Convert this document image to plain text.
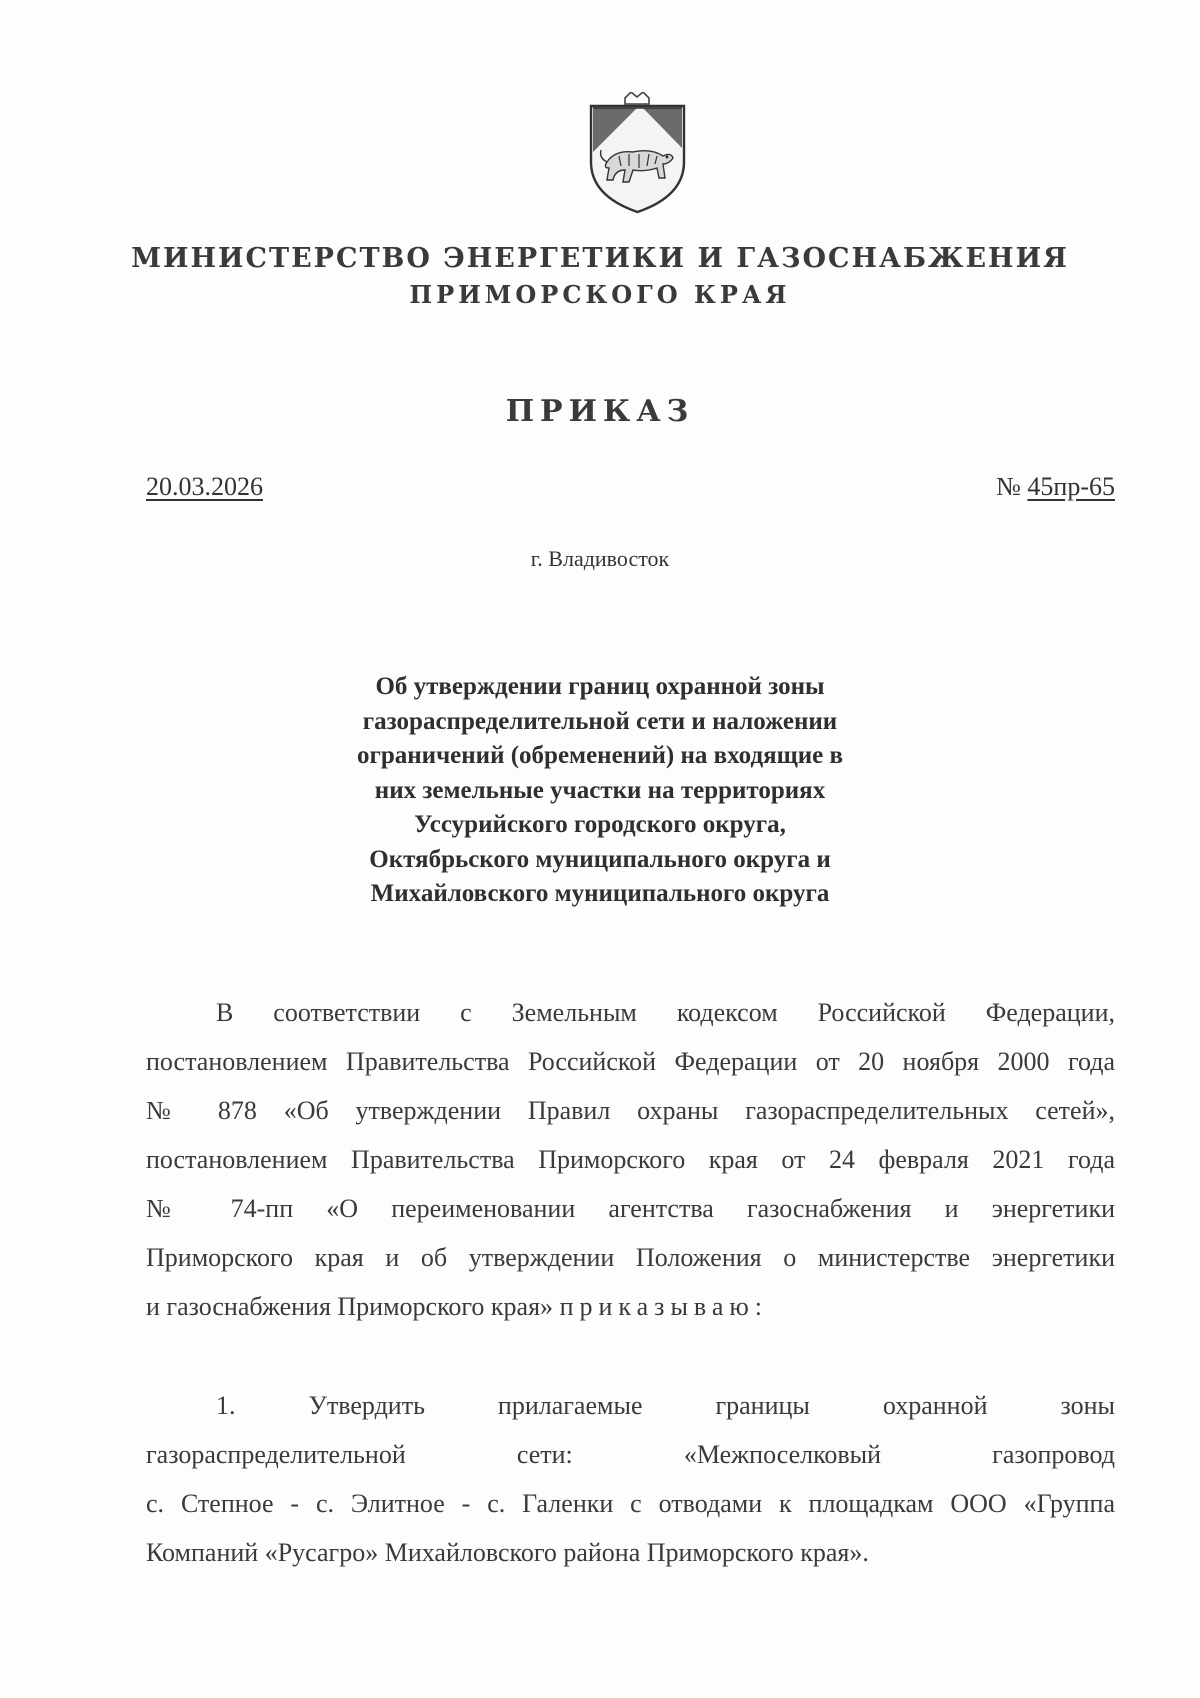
МИНИСТЕРСТВО ЭНЕРГЕТИКИ И ГАЗОСНАБЖЕНИЯ
ПРИМОРСКОГО КРАЯ
ПРИКАЗ
20.03.2026	№ 45пр-65
г. Владивосток
Об утверждении границ охранной зоны
газораспределительной сети и наложении
ограничений (обременений) на входящие в
них земельные участки на территориях
Уссурийского городского округа,
Октябрьского муниципального округа и
Михайловского муниципального округа
В соответствии с Земельным кодексом Российской Федерации,
постановлением Правительства Российской Федерации от 20 ноября 2000 года
№ 878 «Об утверждении Правил охраны газораспределительных сетей»,
постановлением Правительства Приморского края от 24 февраля 2021 года
№ 74-пп «О переименовании агентства газоснабжения и энергетики
Приморского края и об утверждении Положения о министерстве энергетики
и газоснабжения Приморского края» приказываю:
1. Утвердить прилагаемые границы охранной зоны
газораспределительной сети: «Межпоселковый газопровод
с. Степное - с. Элитное - с. Галенки с отводами к площадкам ООО «Группа
Компаний «Русагро» Михайловского района Приморского края».
